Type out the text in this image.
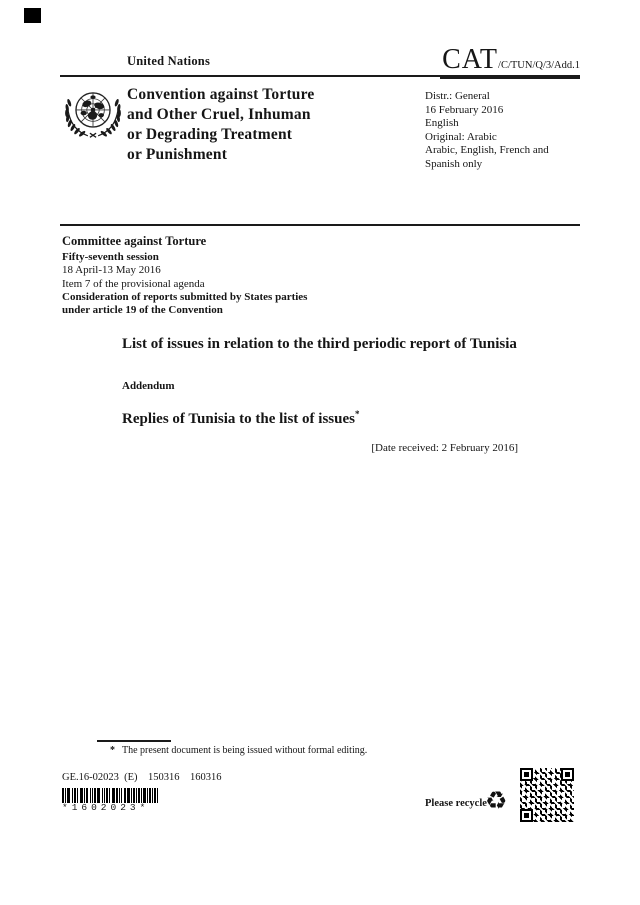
United Nations	CAT/C/TUN/Q/3/Add.1
Convention against Torture
and Other Cruel, Inhuman
or Degrading Treatment
or Punishment
Distr.: General
16 February 2016
English
Original: Arabic
Arabic, English, French and
Spanish only
Committee against Torture
Fifty-seventh session
18 April-13 May 2016
Item 7 of the provisional agenda
Consideration of reports submitted by States parties
under article 19 of the Convention
List of issues in relation to the third periodic report of Tunisia
Addendum
Replies of Tunisia to the list of issues*
[Date received: 2 February 2016]
* The present document is being issued without formal editing.
GE.16-02023  (E)    150316    160316
*1602023*	Please recycle
♻
